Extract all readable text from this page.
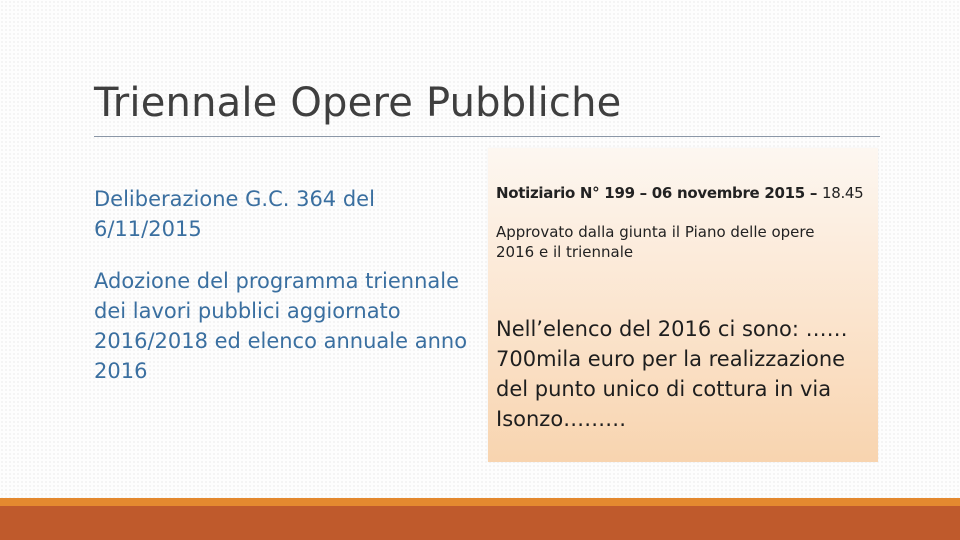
Triennale Opere Pubbliche

Deliberazione G.C. 364 del 6/11/2015

Adozione del programma triennale dei lavori pubblici aggiornato 2016/2018 ed elenco annuale anno 2016

Notiziario N° 199 – 06 novembre 2015 – 18.45

Approvato dalla giunta il Piano delle opere 2016 e il triennale

Nell’elenco del 2016 ci sono: …… 700mila euro per la realizzazione del punto unico di cottura in via Isonzo………
